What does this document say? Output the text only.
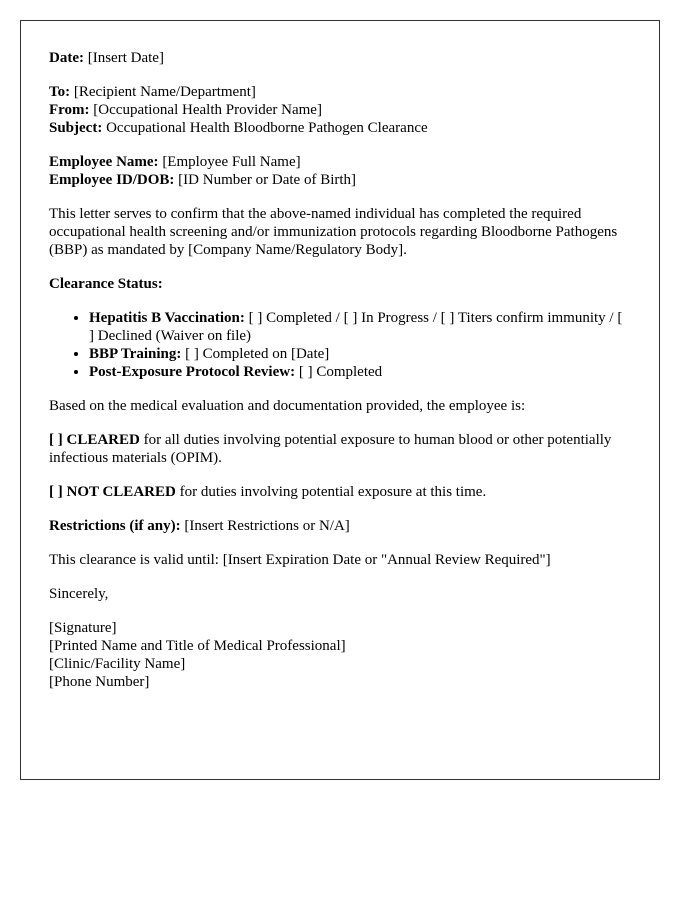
Date: [Insert Date]

To: [Recipient Name/Department]

From: [Occupational Health Provider Name]

Subject: Occupational Health Bloodborne Pathogen Clearance

Employee Name: [Employee Full Name]

Employee ID/DOB: [ID Number or Date of Birth]

This letter serves to confirm that the above-named individual has completed the required occupational health screening and/or immunization protocols regarding Bloodborne Pathogens (BBP) as mandated by [Company Name/Regulatory Body].

Clearance Status:

• Hepatitis B Vaccination: [ ] Completed / [ ] In Progress / [ ] Titers confirm immunity / [ ] Declined (Waiver on file)
• BBP Training: [ ] Completed on [Date]
• Post-Exposure Protocol Review: [ ] Completed

Based on the medical evaluation and documentation provided, the employee is:

[ ] CLEARED for all duties involving potential exposure to human blood or other potentially infectious materials (OPIM).

[ ] NOT CLEARED for duties involving potential exposure at this time.

Restrictions (if any): [Insert Restrictions or N/A]

This clearance is valid until: [Insert Expiration Date or "Annual Review Required"]

Sincerely,

[Signature]

[Printed Name and Title of Medical Professional]

[Clinic/Facility Name]

[Phone Number]
